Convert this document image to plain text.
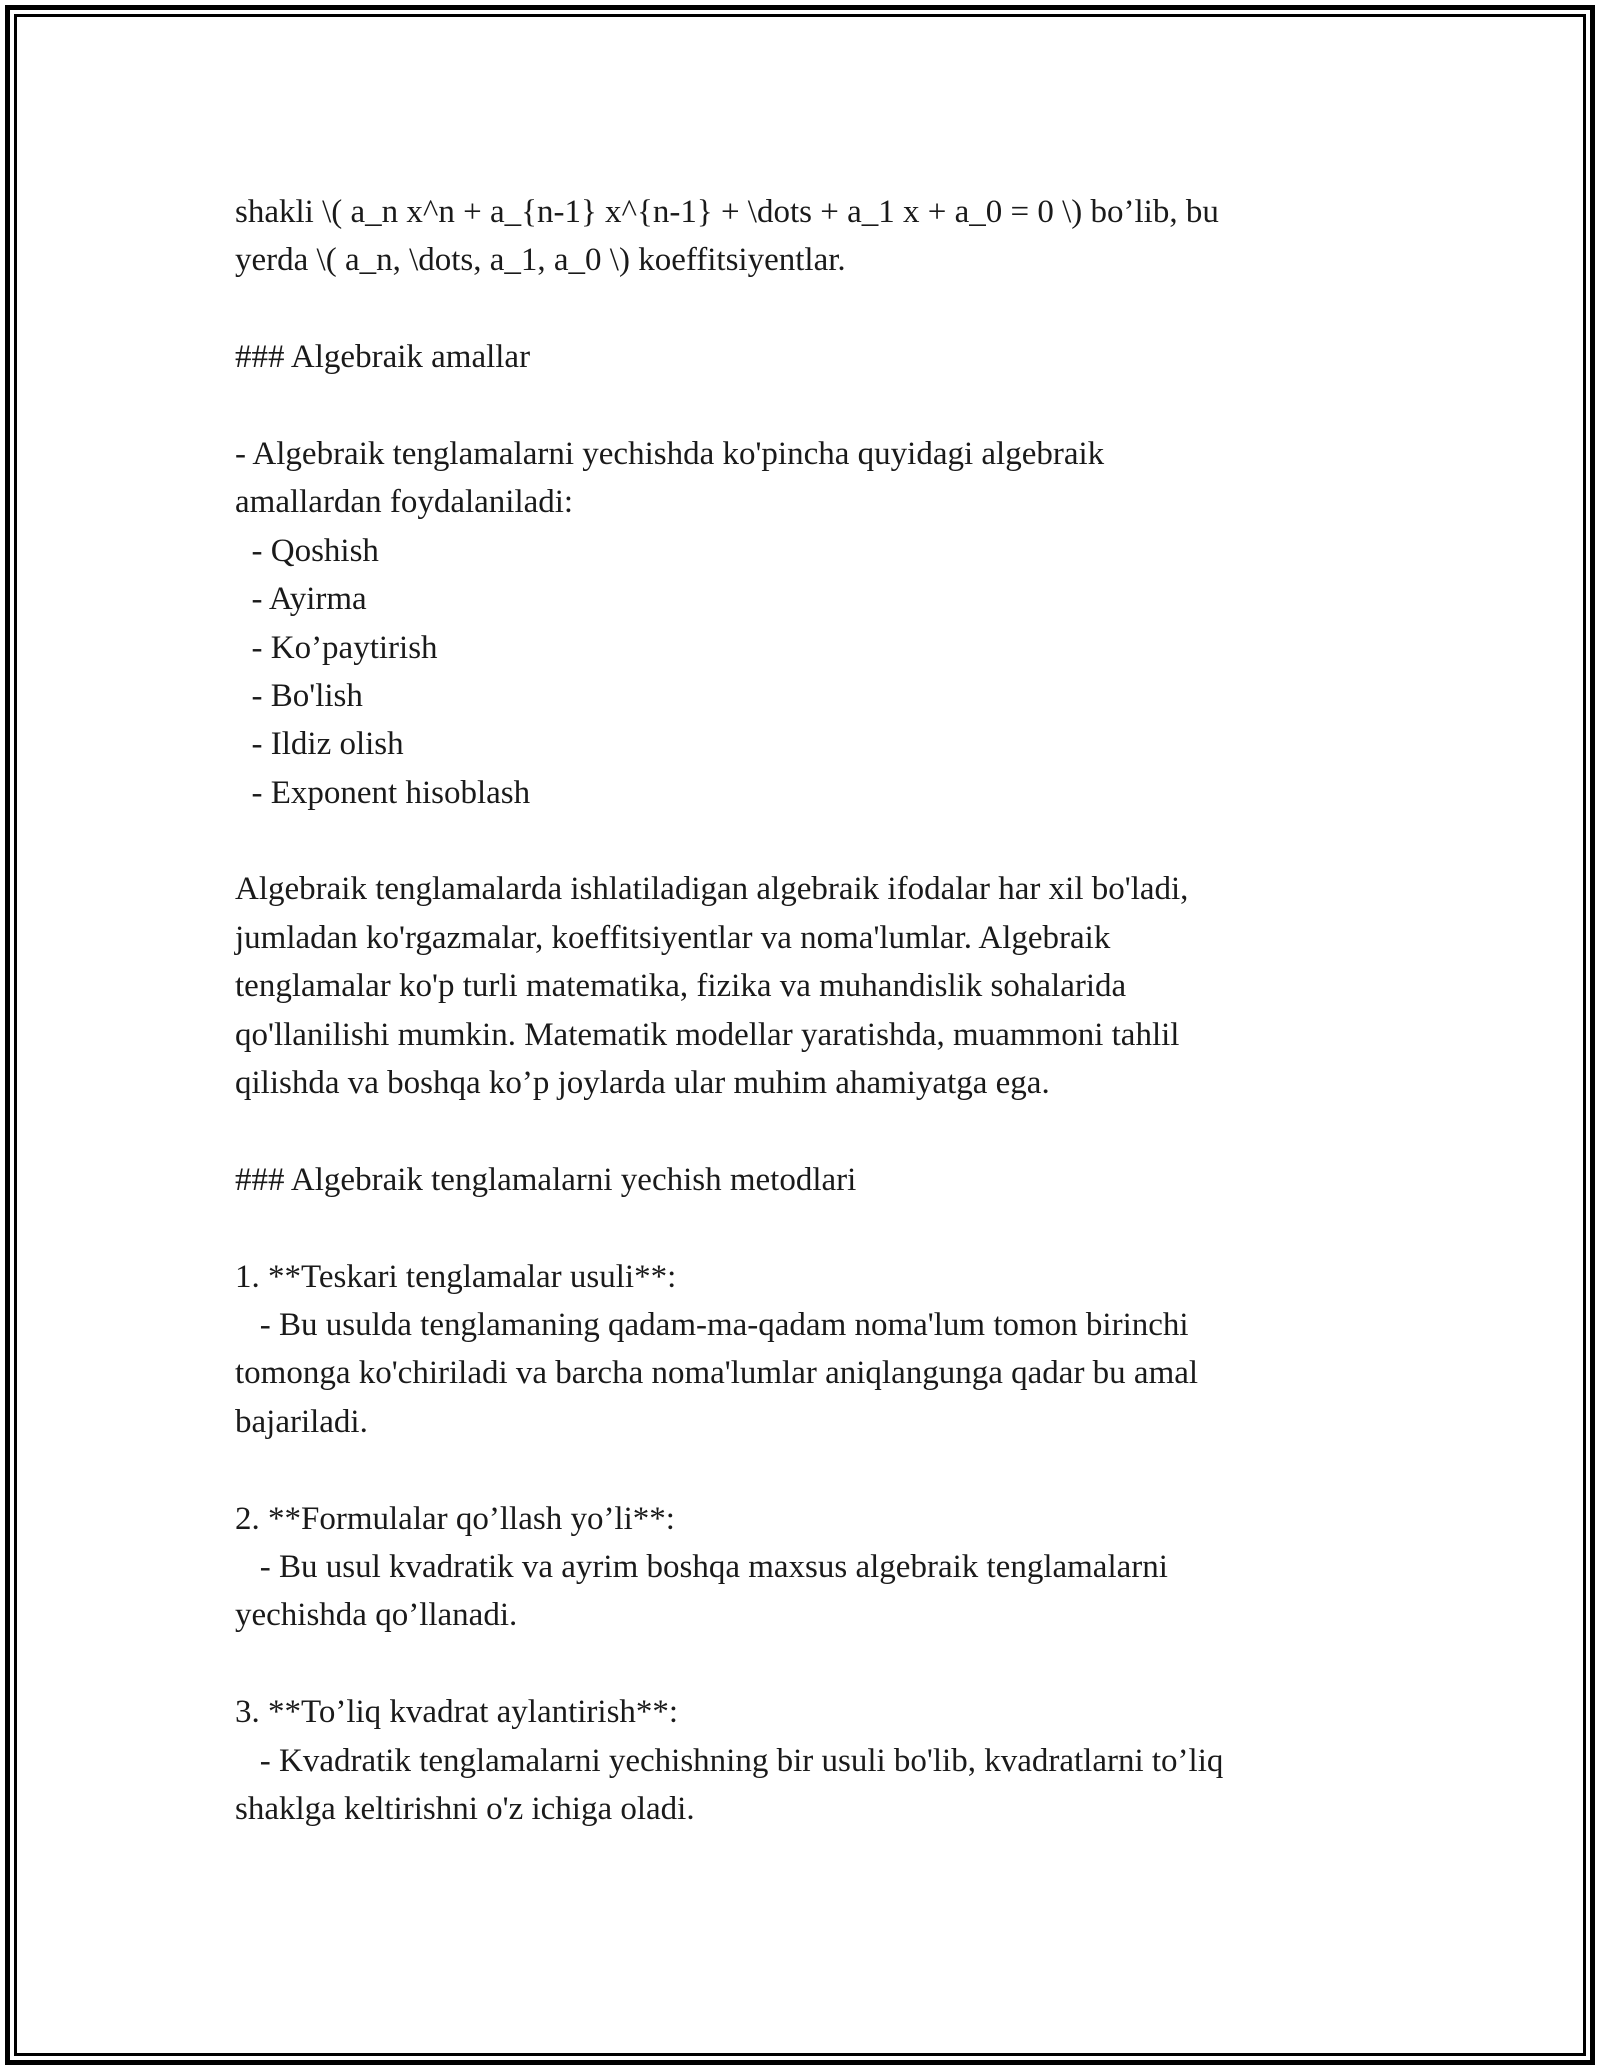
shakli \( a_n x^n + a_{n-1} x^{n-1} + \dots + a_1 x + a_0 = 0 \) bo’lib, bu
yerda \( a_n, \dots, a_1, a_0 \) koeffitsiyentlar.
### Algebraik amallar
- Algebraik tenglamalarni yechishda ko'pincha quyidagi algebraik
amallardan foydalaniladi:
- Qoshish
- Ayirma
- Ko’paytirish
- Bo'lish
- Ildiz olish
- Exponent hisoblash
Algebraik tenglamalarda ishlatiladigan algebraik ifodalar har xil bo'ladi,
jumladan ko'rgazmalar, koeffitsiyentlar va noma'lumlar. Algebraik
tenglamalar ko'p turli matematika, fizika va muhandislik sohalarida
qo'llanilishi mumkin. Matematik modellar yaratishda, muammoni tahlil
qilishda va boshqa ko’p joylarda ular muhim ahamiyatga ega.
### Algebraik tenglamalarni yechish metodlari
1. **Teskari tenglamalar usuli**:
- Bu usulda tenglamaning qadam-ma-qadam noma'lum tomon birinchi
tomonga ko'chiriladi va barcha noma'lumlar aniqlangunga qadar bu amal
bajariladi.
2. **Formulalar qo’llash yo’li**:
- Bu usul kvadratik va ayrim boshqa maxsus algebraik tenglamalarni
yechishda qo’llanadi.
3. **To’liq kvadrat aylantirish**:
- Kvadratik tenglamalarni yechishning bir usuli bo'lib, kvadratlarni to’liq
shaklga keltirishni o'z ichiga oladi.
